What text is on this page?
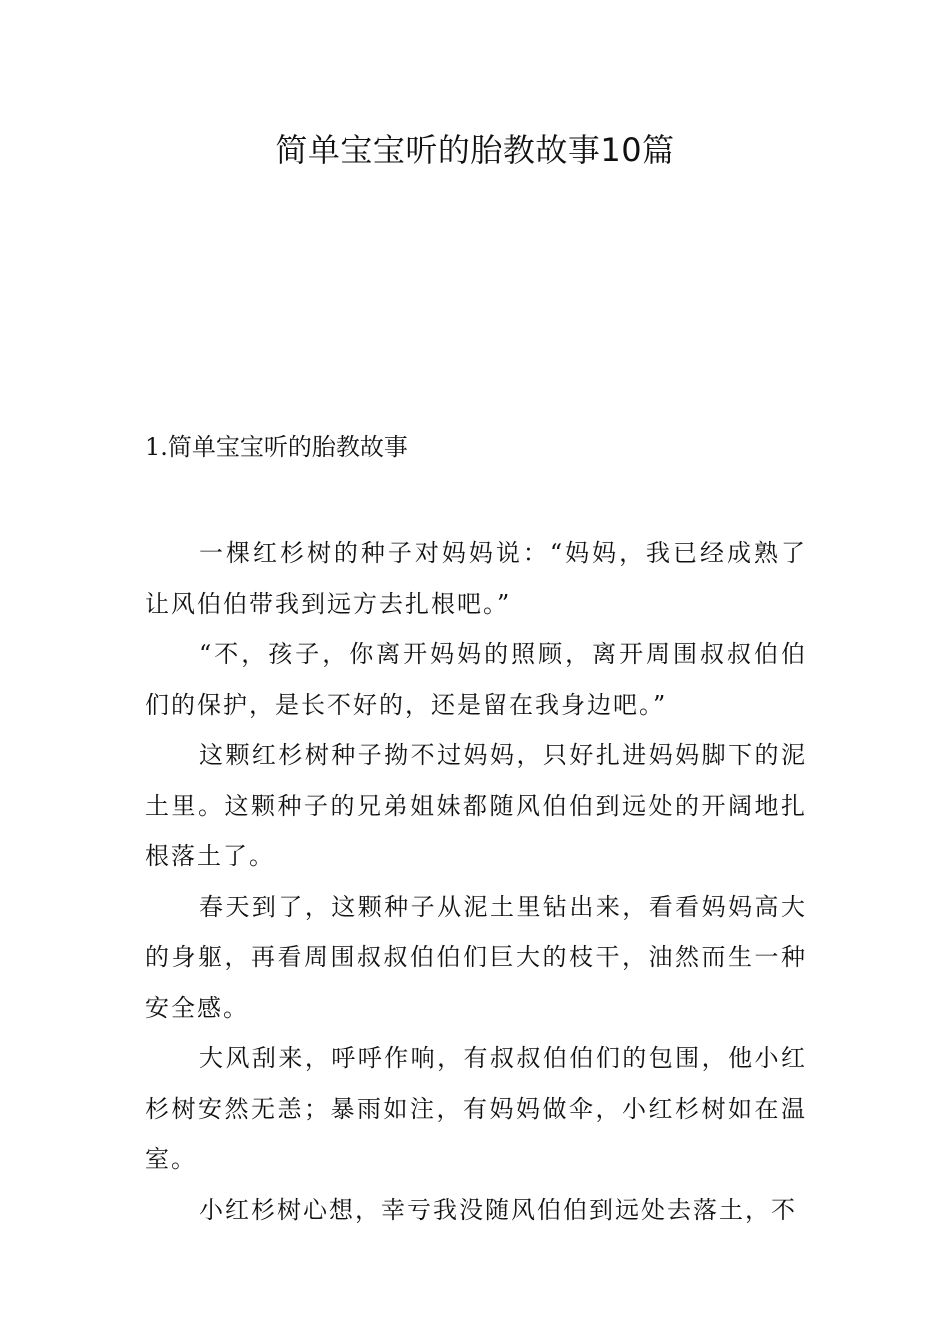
简单宝宝听的胎教故事10篇
1.简单宝宝听的胎教故事

一棵红杉树的种子对妈妈说：“妈妈，我已经成熟了让风伯伯带我到远方去扎根吧。”

“不，孩子，你离开妈妈的照顾，离开周围叔叔伯伯们的保护，是长不好的，还是留在我身边吧。”

这颗红杉树种子拗不过妈妈，只好扎进妈妈脚下的泥土里。这颗种子的兄弟姐妹都随风伯伯到远处的开阔地扎根落土了。

春天到了，这颗种子从泥土里钻出来，看看妈妈高大的身躯，再看周围叔叔伯伯们巨大的枝干，油然而生一种安全感。

大风刮来，呼呼作响，有叔叔伯伯们的包围，他小红杉树安然无恙；暴雨如注，有妈妈做伞，小红杉树如在温室。

小红杉树心想，幸亏我没随风伯伯到远处去落土，不
